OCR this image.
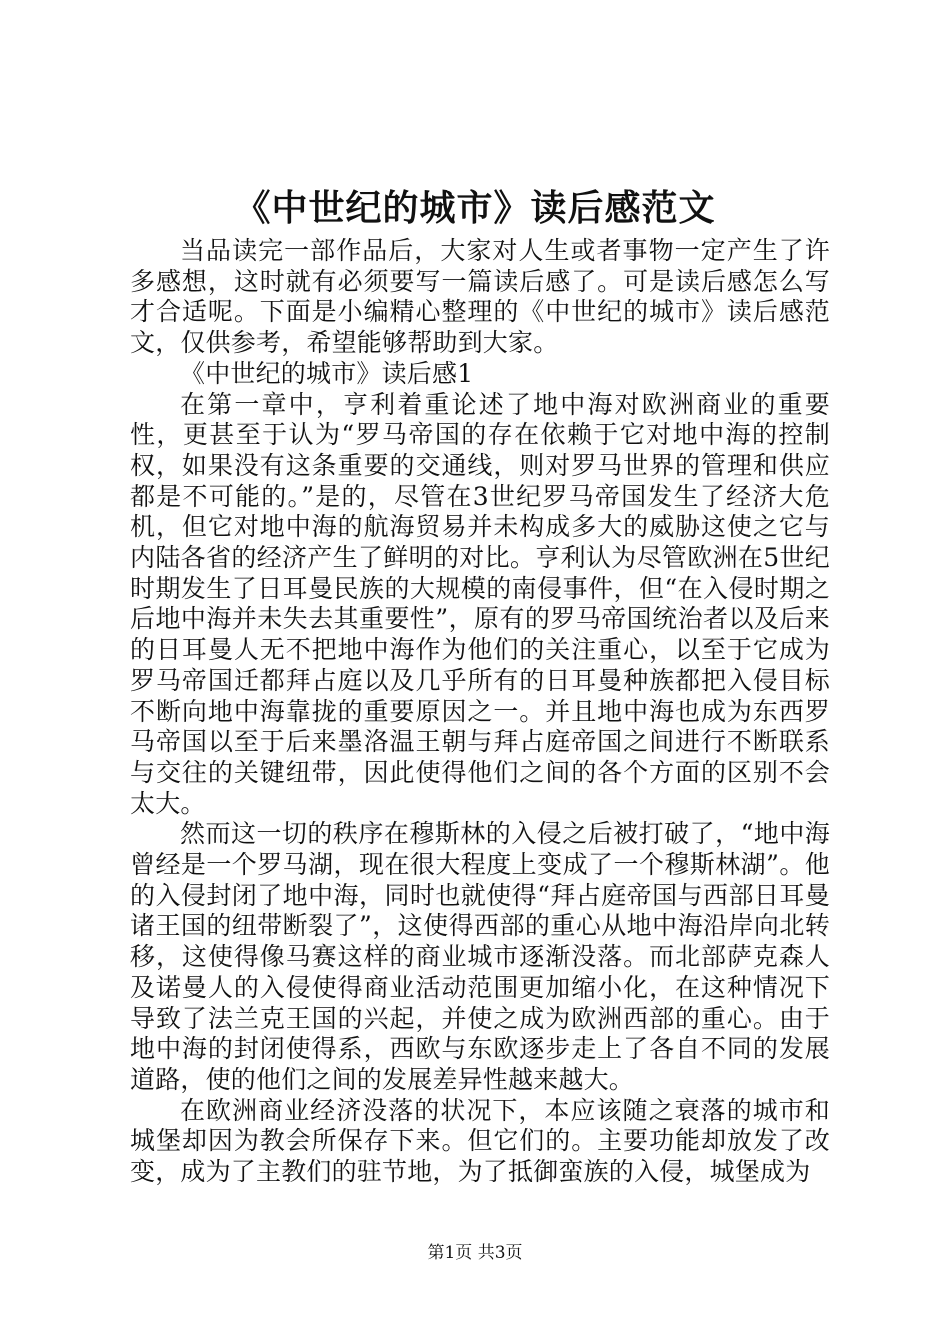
《中世纪的城市》读后感范文

当品读完一部作品后，大家对人生或者事物一定产生了许多感想，这时就有必须要写一篇读后感了。可是读后感怎么写才合适呢。下面是小编精心整理的《中世纪的城市》读后感范文，仅供参考，希望能够帮助到大家。

《中世纪的城市》读后感1

在第一章中，亨利着重论述了地中海对欧洲商业的重要性，更甚至于认为“罗马帝国的存在依赖于它对地中海的控制权，如果没有这条重要的交通线，则对罗马世界的管理和供应都是不可能的。”是的，尽管在3世纪罗马帝国发生了经济大危机，但它对地中海的航海贸易并未构成多大的威胁这使之它与内陆各省的经济产生了鲜明的对比。亨利认为尽管欧洲在5世纪时期发生了日耳曼民族的大规模的南侵事件，但“在入侵时期之后地中海并未失去其重要性”，原有的罗马帝国统治者以及后来的日耳曼人无不把地中海作为他们的关注重心，以至于它成为罗马帝国迁都拜占庭以及几乎所有的日耳曼种族都把入侵目标不断向地中海靠拢的重要原因之一。并且地中海也成为东西罗马帝国以至于后来墨洛温王朝与拜占庭帝国之间进行不断联系与交往的关键纽带，因此使得他们之间的各个方面的区别不会太大。

然而这一切的秩序在穆斯林的入侵之后被打破了，“地中海曾经是一个罗马湖，现在很大程度上变成了一个穆斯林湖”。他的入侵封闭了地中海，同时也就使得“拜占庭帝国与西部日耳曼诸王国的纽带断裂了”，这使得西部的重心从地中海沿岸向北转移，这使得像马赛这样的商业城市逐渐没落。而北部萨克森人及诺曼人的入侵使得商业活动范围更加缩小化，在这种情况下导致了法兰克王国的兴起，并使之成为欧洲西部的重心。由于地中海的封闭使得系，西欧与东欧逐步走上了各自不同的发展道路，使的他们之间的发展差异性越来越大。

在欧洲商业经济没落的状况下，本应该随之衰落的城市和城堡却因为教会所保存下来。但它们的。主要功能却放发了改变，成为了主教们的驻节地，为了抵御蛮族的入侵，城堡成为

第1页 共3页
